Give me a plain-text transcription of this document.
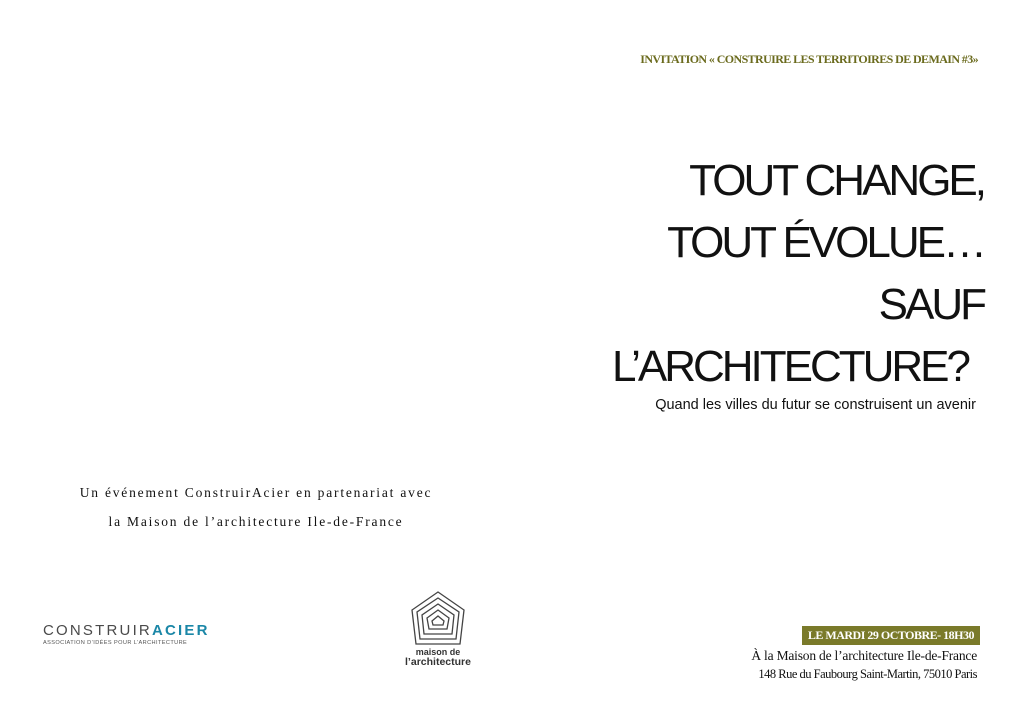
INVITATION « CONSTRUIRE LES TERRITOIRES DE DEMAIN #3»
TOUT CHANGE,
TOUT ÉVOLUE…
SAUF
L’ARCHITECTURE?
Quand les villes du futur se construisent un avenir
Un événement ConstruirAcier en partenariat avec
la Maison de l’architecture Ile-de-France
CONSTRUIRACIER
ASSOCIATION D’IDÉES POUR L’ARCHITECTURE
maison de
l’architecture
LE MARDI 29 OCTOBRE- 18H30
À la Maison de l’architecture Ile-de-France
148 Rue du Faubourg Saint-Martin, 75010 Paris
